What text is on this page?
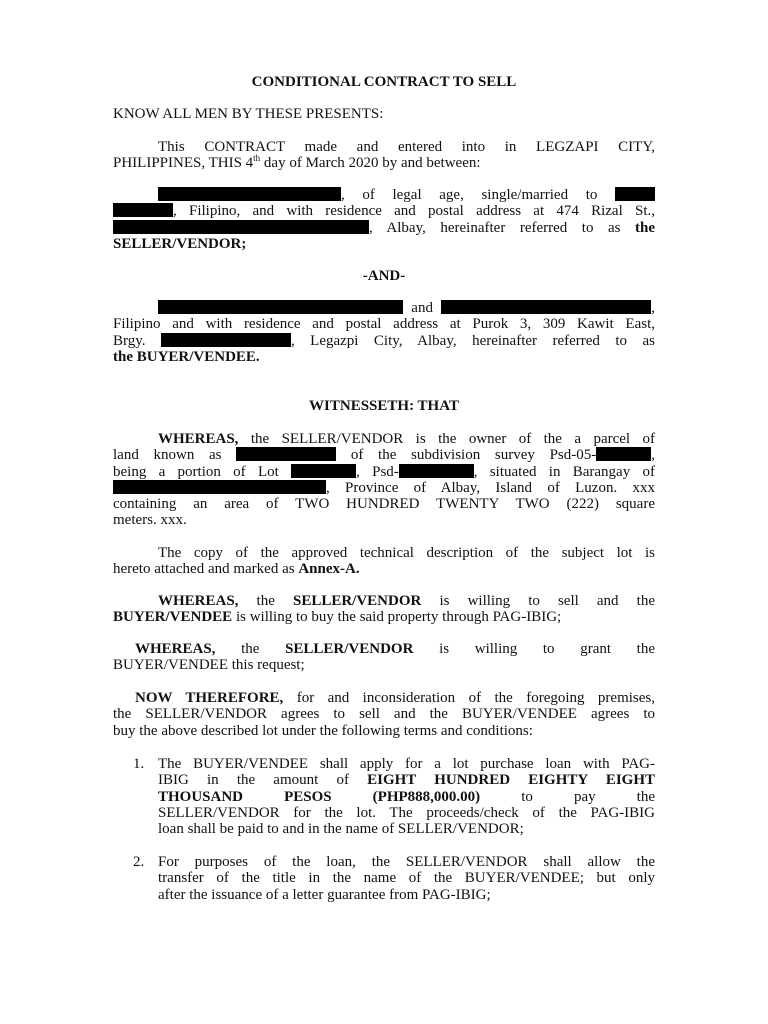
CONDITIONAL CONTRACT TO SELL

KNOW ALL MEN BY THESE PRESENTS:

This CONTRACT made and entered into in LEGZAPI CITY,
PHILIPPINES, THIS 4th day of March 2020 by and between:
, of legal age, single/married to
, Filipino, and with residence and postal address at 474 Rizal St.,
, Albay, hereinafter referred to as the
SELLER/VENDOR;

-AND-

and	,
Filipino and with residence and postal address at Purok 3, 309 Kawit East,
Brgy.	, Legazpi City, Albay, hereinafter referred to as
the BUYER/VENDEE.

WITNESSETH: THAT

WHEREAS, the SELLER/VENDOR is the owner of the a parcel of
land known as	of the subdivision survey Psd-05-	,
being a portion of Lot	, Psd-	, situated in Barangay of
, Province of Albay, Island of Luzon. xxx
containing an area of TWO HUNDRED TWENTY TWO (222) square
meters. xxx.
The copy of the approved technical description of the subject lot is
hereto attached and marked as Annex-A.
WHEREAS, the SELLER/VENDOR is willing to sell and the
BUYER/VENDEE is willing to buy the said property through PAG-IBIG;
WHEREAS, the SELLER/VENDOR is willing to grant the
BUYER/VENDEE this request;
NOW THEREFORE, for and inconsideration of the foregoing premises,
the SELLER/VENDOR agrees to sell and the BUYER/VENDEE agrees to
buy the above described lot under the following terms and conditions:
1. The BUYER/VENDEE shall apply for a lot purchase loan with PAG-
IBIG in the amount of EIGHT HUNDRED EIGHTY EIGHT
THOUSAND PESOS (PHP888,000.00) to pay the
SELLER/VENDOR for the lot. The proceeds/check of the PAG-IBIG
loan shall be paid to and in the name of SELLER/VENDOR;
2. For purposes of the loan, the SELLER/VENDOR shall allow the
transfer of the title in the name of the BUYER/VENDEE; but only
after the issuance of a letter guarantee from PAG-IBIG;
